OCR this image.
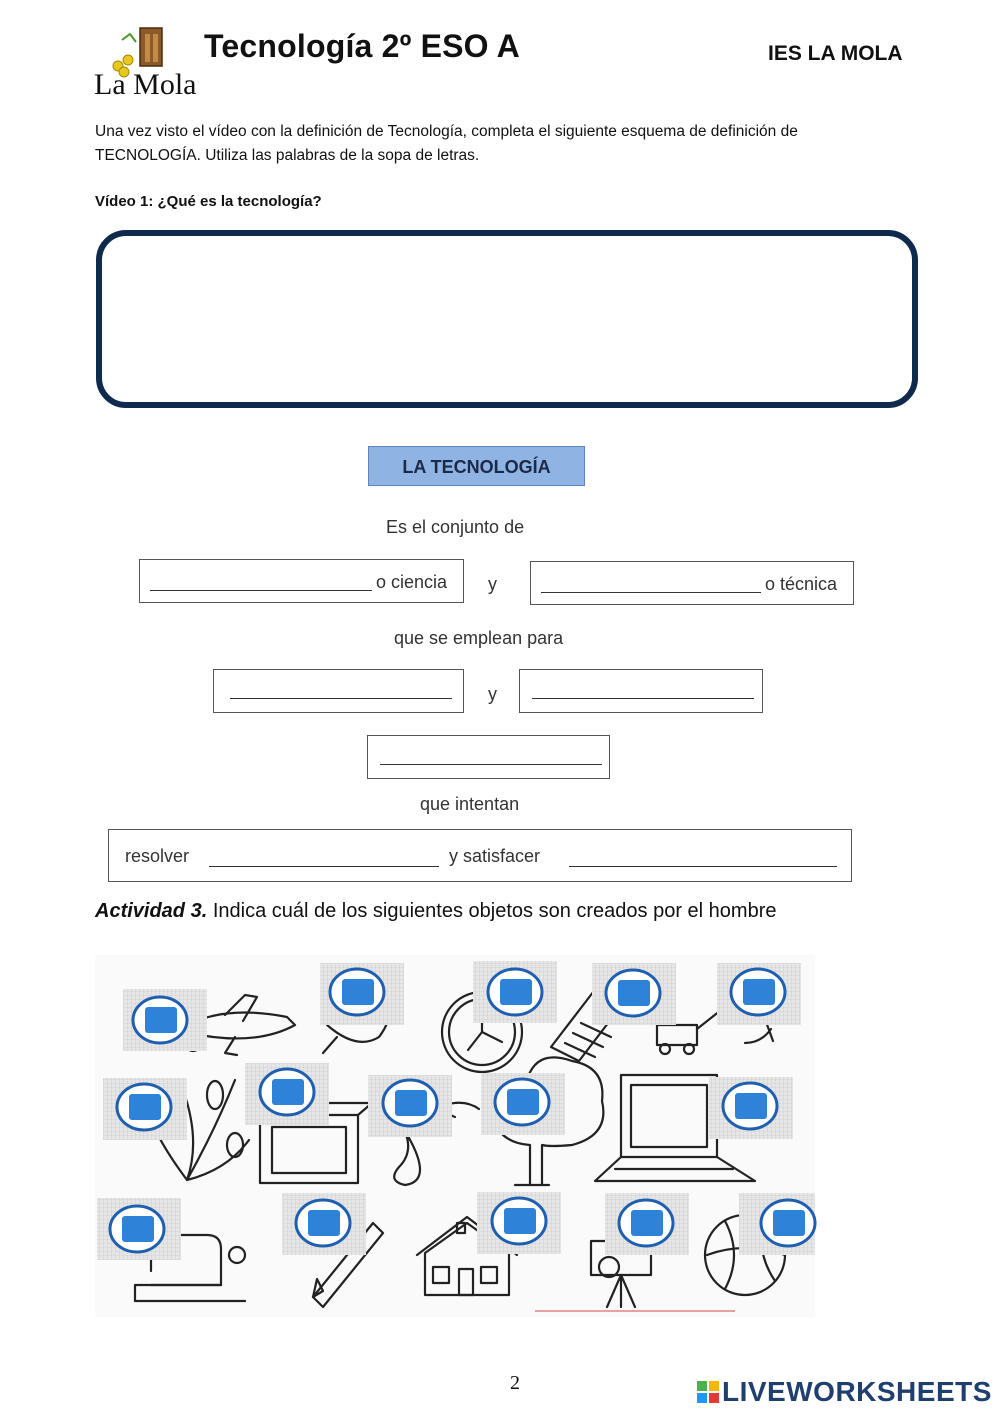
La Mola
Tecnología 2º ESO A	IES LA MOLA
Una vez visto el vídeo con la definición de Tecnología, completa el siguiente esquema de definición de
TECNOLOGÍA. Utiliza las palabras de la sopa de letras.
Vídeo 1: ¿Qué es la tecnología?
LA TECNOLOGÍA
Es el conjunto de
o ciencia y	o técnica
que se emplean para
y
que intentan
resolver	y satisfacer
Actividad 3. Indica cuál de los siguientes objetos son creados por el hombre
2	LIVEWORKSHEETS
